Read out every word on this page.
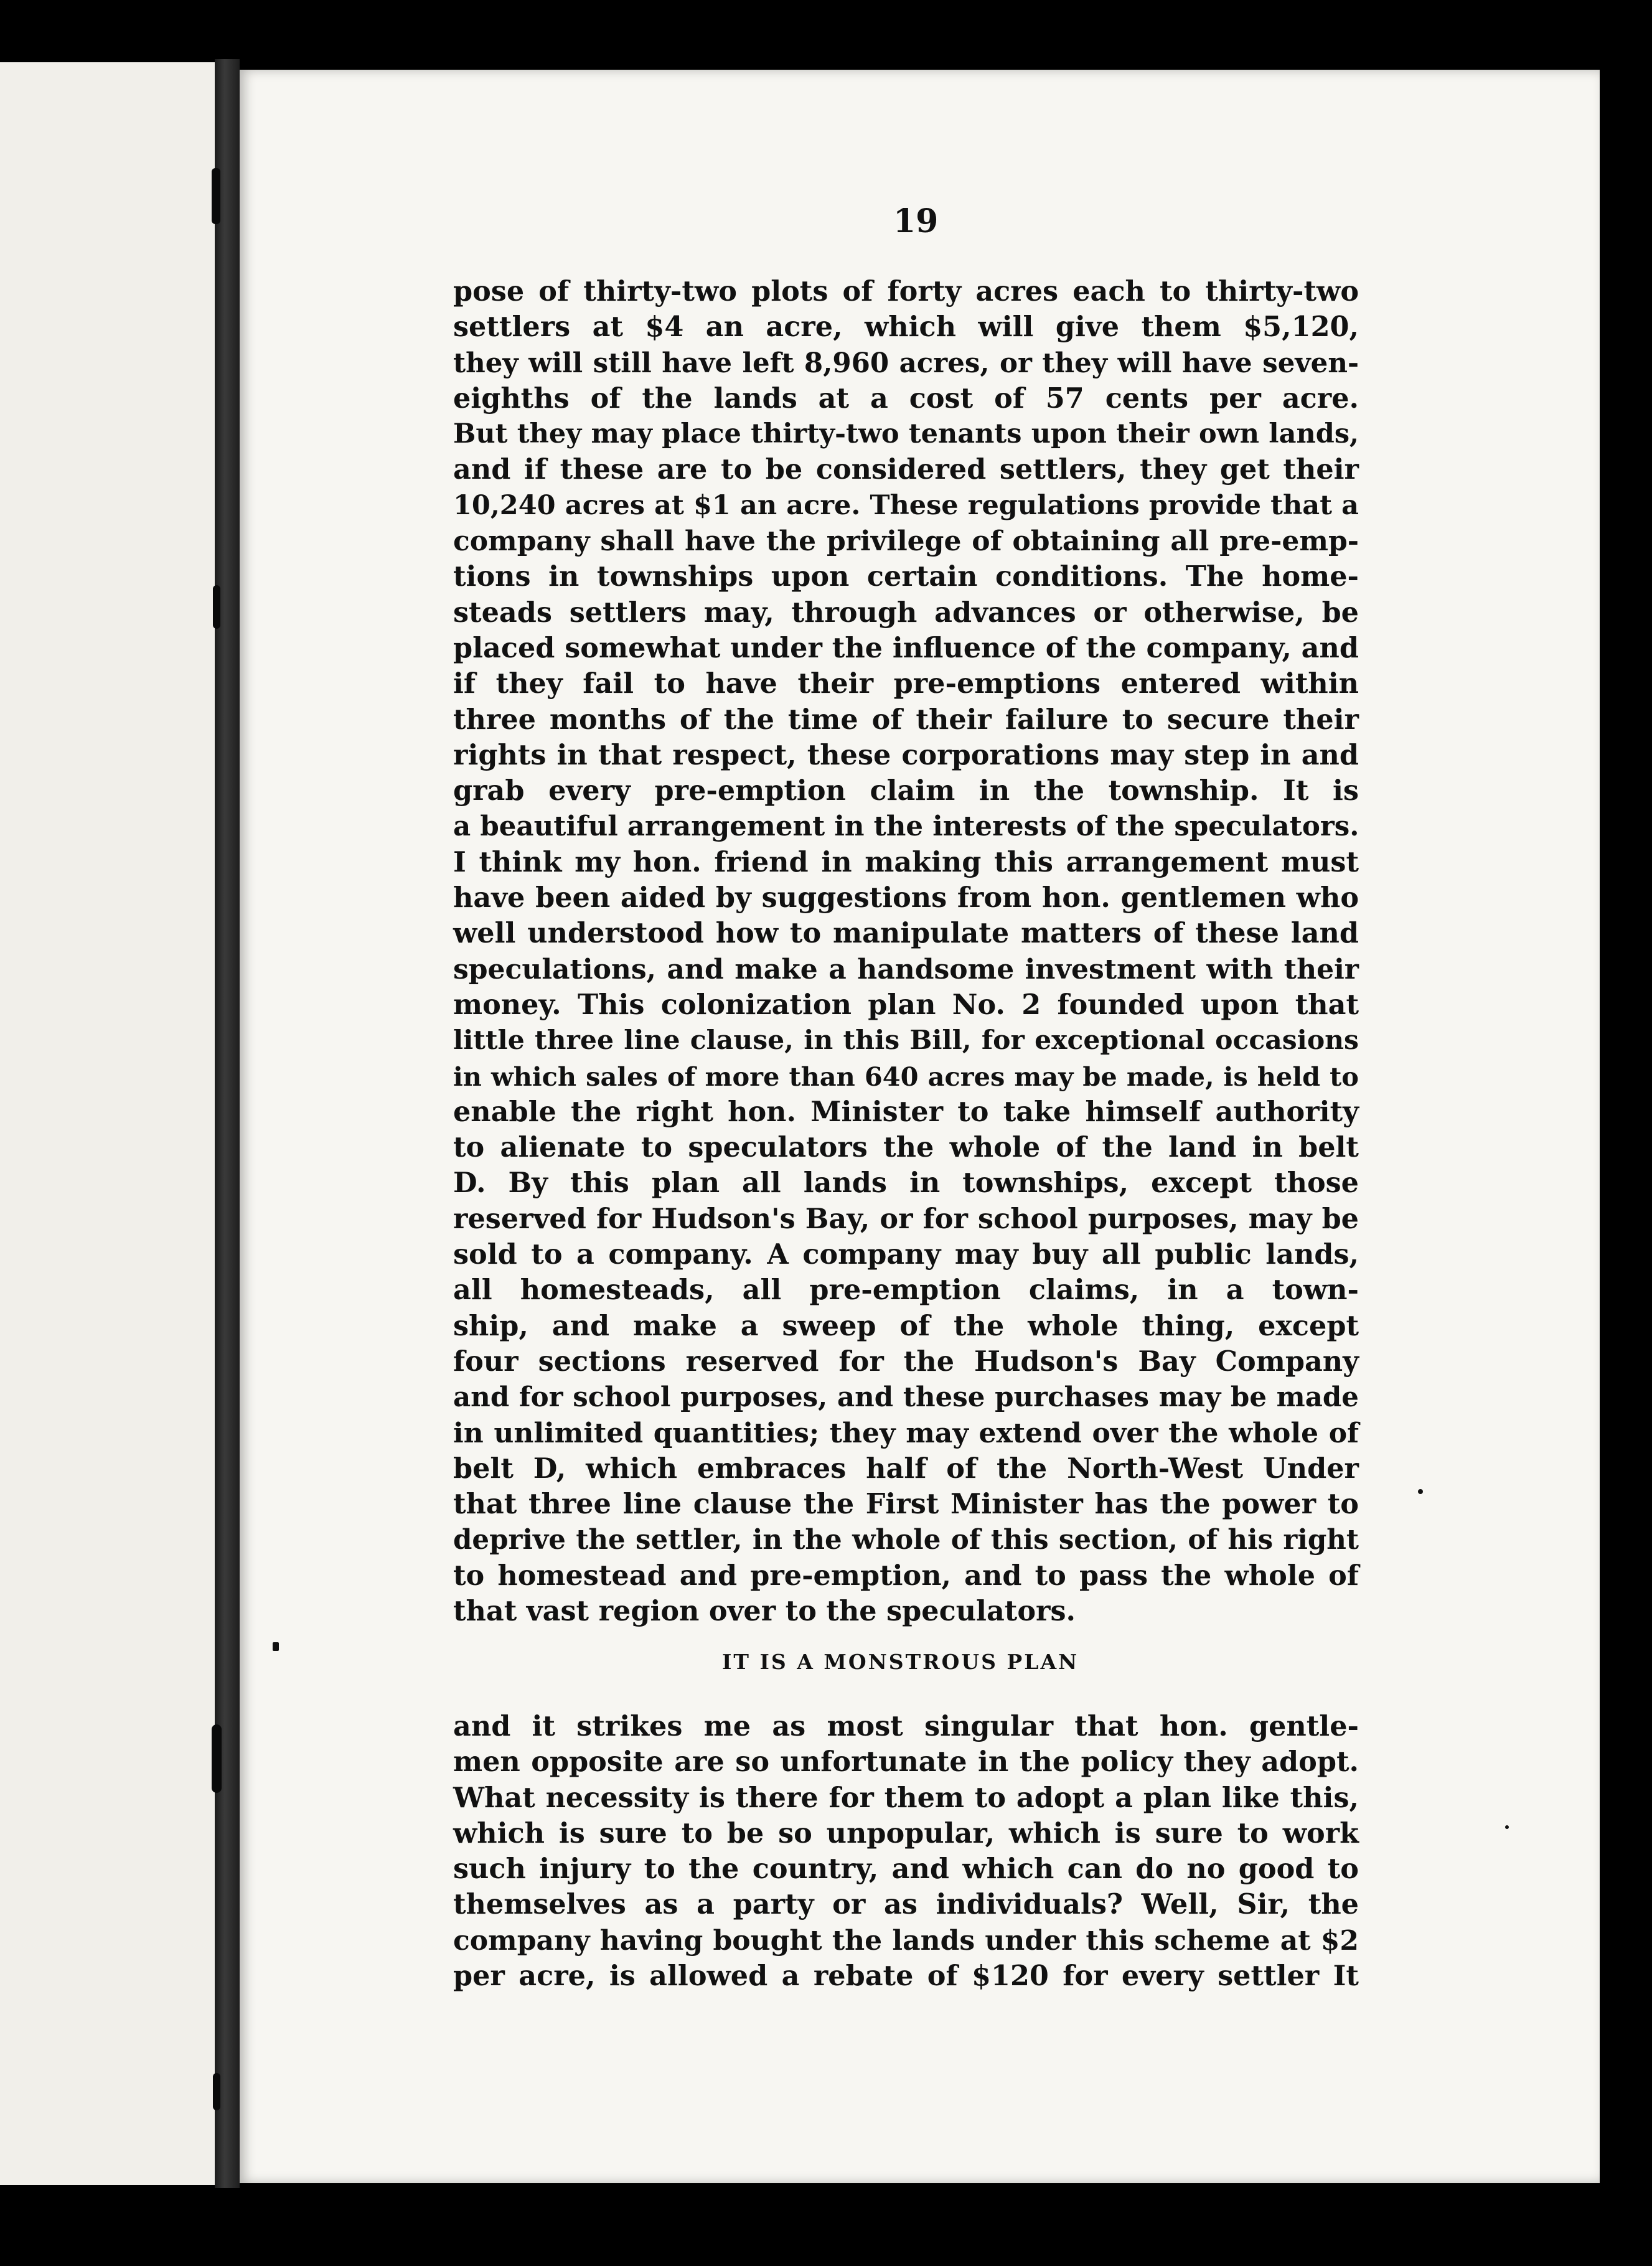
19
pose of thirty-two plots of forty acres each to thirty-two
settlers at $4 an acre, which will give them $5,120,
they will still have left 8,960 acres, or they will have seven-
eighths of the lands at a cost of 57 cents per acre.
But they may place thirty-two tenants upon their own lands,
and if these are to be considered settlers, they get their
10,240 acres at $1 an acre. These regulations provide that a
company shall have the privilege of obtaining all pre-emp-
tions in townships upon certain conditions. The home-
steads settlers may, through advances or otherwise, be
placed somewhat under the influence of the company, and
if they fail to have their pre-emptions entered within
three months of the time of their failure to secure their
rights in that respect, these corporations may step in and
grab every pre-emption claim in the township. It is
a beautiful arrangement in the interests of the speculators.
I think my hon. friend in making this arrangement must
have been aided by suggestions from hon. gentlemen who
well understood how to manipulate matters of these land
speculations, and make a handsome investment with their
money. This colonization plan No. 2 founded upon that
little three line clause, in this Bill, for exceptional occasions
in which sales of more than 640 acres may be made, is held to
enable the right hon. Minister to take himself authority
to alienate to speculators the whole of the land in belt
D. By this plan all lands in townships, except those
reserved for Hudson's Bay, or for school purposes, may be
sold to a company. A company may buy all public lands,
all homesteads, all pre-emption claims, in a town-
ship, and make a sweep of the whole thing, except
four sections reserved for the Hudson's Bay Company
and for school purposes, and these purchases may be made
in unlimited quantities; they may extend over the whole of
belt D, which embraces half of the North-West Under
that three line clause the First Minister has the power to
deprive the settler, in the whole of this section, of his right
to homestead and pre-emption, and to pass the whole of
that vast region over to the speculators.
IT IS A MONSTROUS PLAN
and it strikes me as most singular that hon. gentle-
men opposite are so unfortunate in the policy they adopt.
What necessity is there for them to adopt a plan like this,
which is sure to be so unpopular, which is sure to work
such injury to the country, and which can do no good to
themselves as a party or as individuals? Well, Sir, the
company having bought the lands under this scheme at $2
per acre, is allowed a rebate of $120 for every settler It
